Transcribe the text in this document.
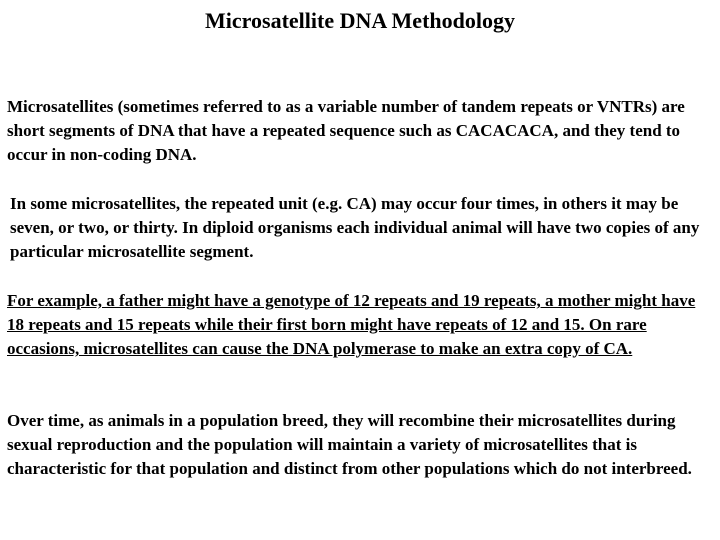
Microsatellite DNA Methodology

Microsatellites (sometimes referred to as a variable number of tandem repeats or VNTRs) are short segments of DNA that have a repeated sequence such as CACACACA, and they tend to occur in non-coding DNA.

In some microsatellites, the repeated unit (e.g. CA) may occur four times, in others it may be seven, or two, or thirty. In diploid organisms each individual animal will have two copies of any particular microsatellite segment.

For example, a father might have a genotype of 12 repeats and 19 repeats, a mother might have 18 repeats and 15 repeats while their first born might have repeats of 12 and 15. On rare occasions, microsatellites can cause the DNA polymerase to make an extra copy of CA.

Over time, as animals in a population breed, they will recombine their microsatellites during sexual reproduction and the population will maintain a variety of microsatellites that is characteristic for that population and distinct from other populations which do not interbreed.
